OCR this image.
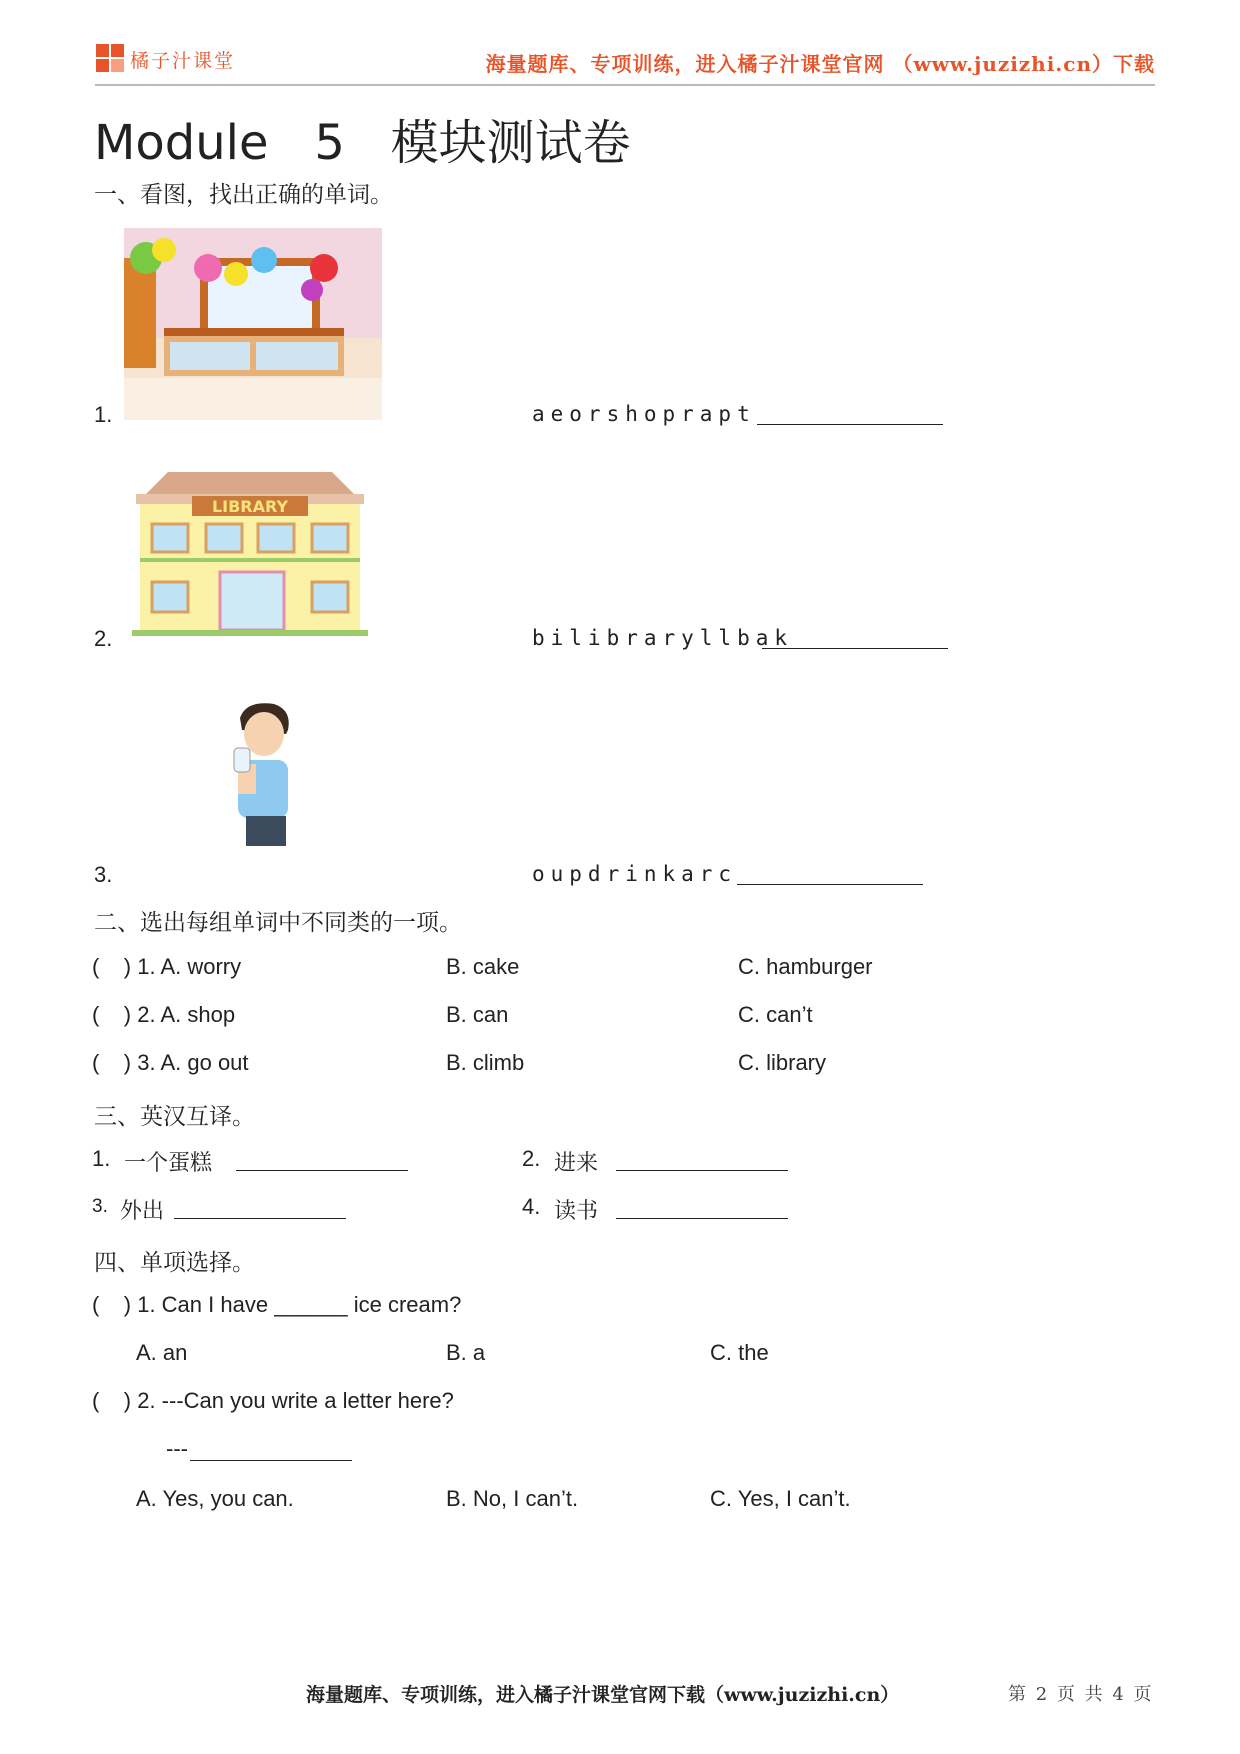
橘子汁课堂	海量题库、专项训练，进入橘子汁课堂官网 （www.juzizhi.cn）下载
Module   5   模块测试卷
一、看图，找出正确的单词。
1.	aeorshoprapt
LIBRARY
2.	bilibraryllbak
3.	oupdrinkarc
二、选出每组单词中不同类的一项。
(    ) 1. A. worry	B. cake	C. hamburger
(    ) 2. A. shop	B. can	C. can’t
(    ) 3. A. go out	B. climb	C. library
三、英汉互译。
1. 一个蛋糕	2. 进来
3. 外出	4. 读书
四、单项选择。
(    ) 1. Can I have ______ ice cream?
A. an	B. a	C. the
(    ) 2. ---Can you write a letter here?
---
A. Yes, you can.	B. No, I can’t.	C. Yes, I can’t.
海量题库、专项训练，进入橘子汁课堂官网下载（www.juzizhi.cn）	第 2 页 共 4 页
